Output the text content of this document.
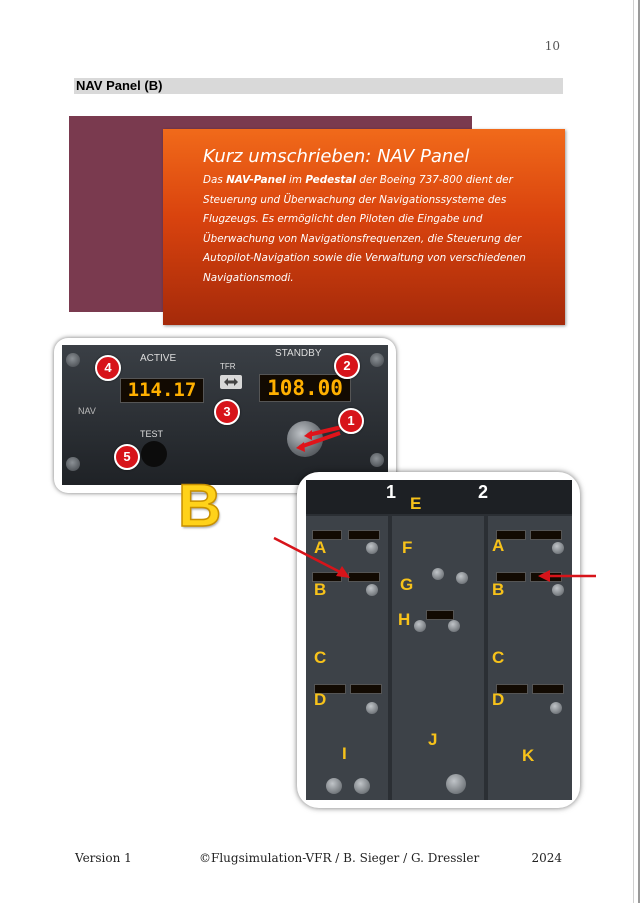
10
NAV Panel (B)
Kurz umschrieben: NAV Panel
Das NAV-Panel im Pedestal der Boeing 737-800 dient der Steuerung und Überwachung der Navigationssysteme des Flugzeugs. Es ermöglicht den Piloten die Eingabe und Überwachung von Navigationsfrequenzen, die Steuerung der Autopilot-Navigation sowie die Verwaltung von verschiedenen Navigationsmodi.
ACTIVE	STANDBY
TFR
NAV
TEST
114.17	108.00
4	2
3
1
5
B	1	2
A	A
B	B
C	C
D	D
E
F
G
H
I
J
K
Version 1	©Flugsimulation-VFR / B. Sieger / G. Dressler	2024
